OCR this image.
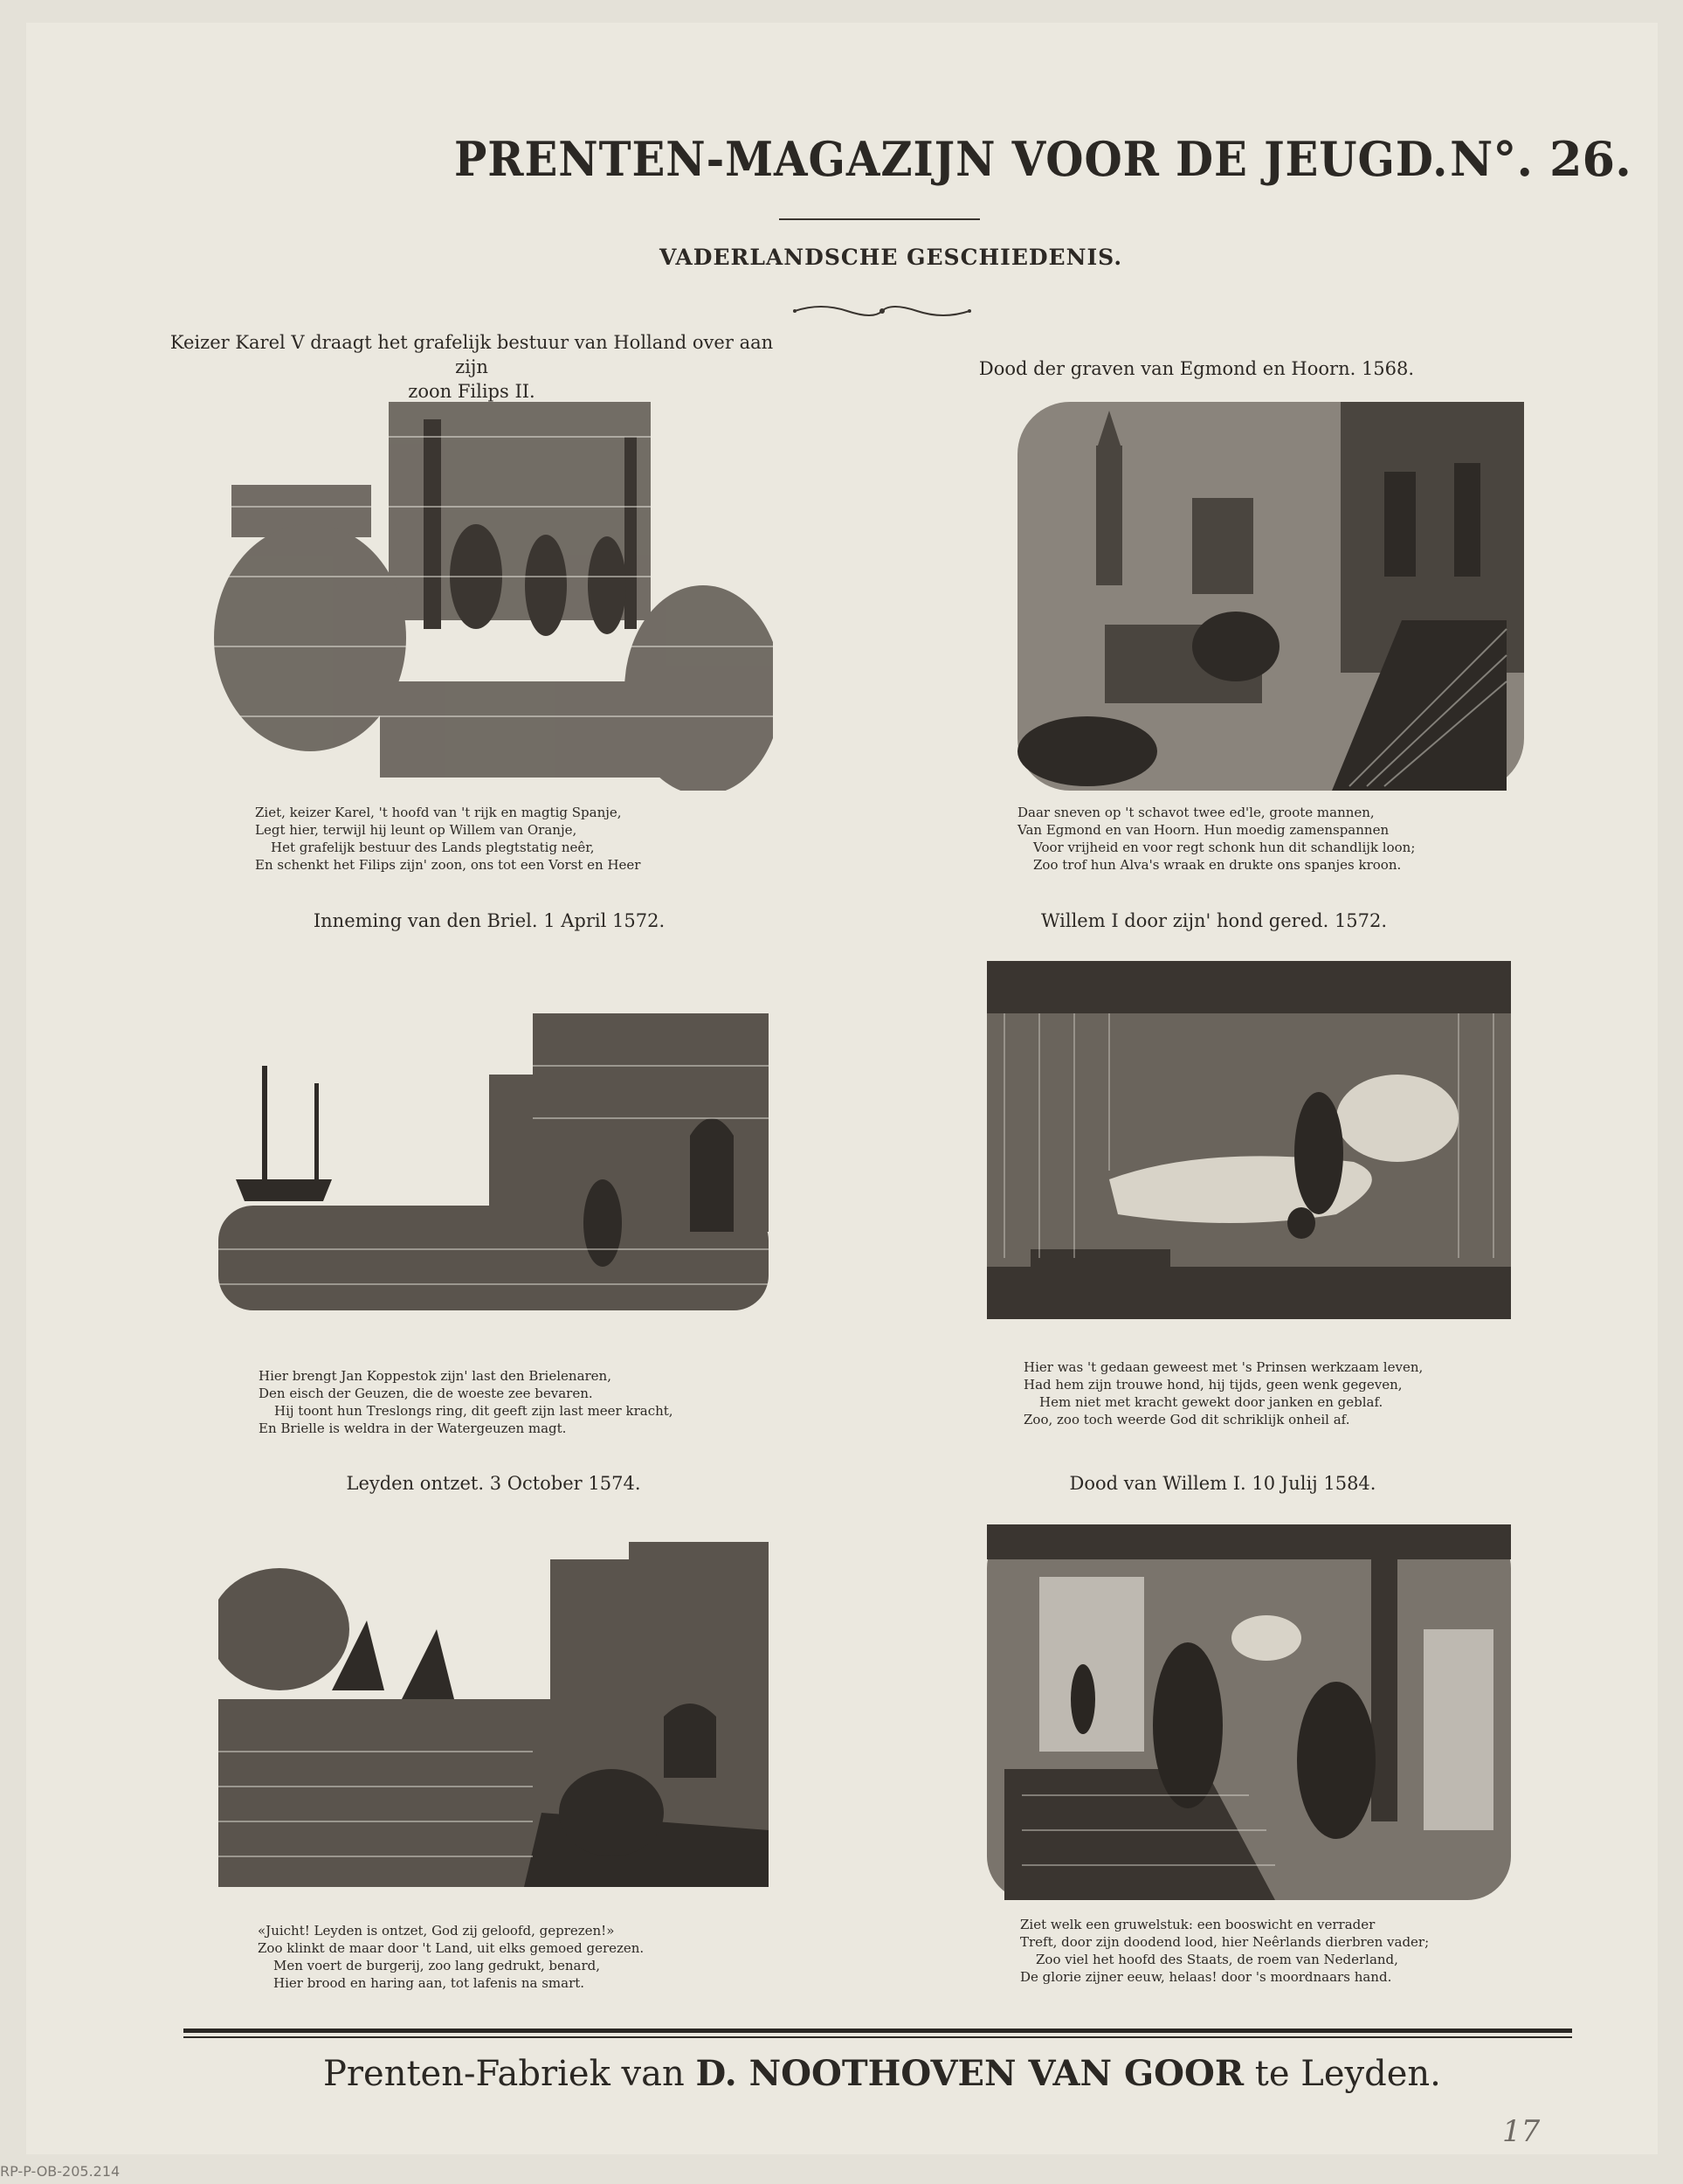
PRENTEN-MAGAZIJN VOOR DE JEUGD. N°. 26.
VADERLANDSCHE GESCHIEDENIS.
Keizer Karel V draagt het grafelijk bestuur van Holland over aan zijn
zoon Filips II.
Ziet, keizer Karel, 't hoofd van 't rijk en magtig Spanje,
Legt hier, terwijl hij leunt op Willem van Oranje,
Het grafelijk bestuur des Lands plegtstatig neêr,
En schenkt het Filips zijn' zoon, ons tot een Vorst en Heer
Dood der graven van Egmond en Hoorn. 1568.
Daar sneven op 't schavot twee ed'le, groote mannen,
Van Egmond en van Hoorn. Hun moedig zamenspannen
Voor vrijheid en voor regt schonk hun dit schandlijk loon;
Zoo trof hun Alva's wraak en drukte ons spanjes kroon.
Inneming van den Briel. 1 April 1572.
Hier brengt Jan Koppestok zijn' last den Brielenaren,
Den eisch der Geuzen, die de woeste zee bevaren.
Hij toont hun Treslongs ring, dit geeft zijn last meer kracht,
En Brielle is weldra in der Watergeuzen magt.
Willem I door zijn' hond gered. 1572.
Hier was 't gedaan geweest met 's Prinsen werkzaam leven,
Had hem zijn trouwe hond, hij tijds, geen wenk gegeven,
Hem niet met kracht gewekt door janken en geblaf.
Zoo, zoo toch weerde God dit schriklijk onheil af.
Leyden ontzet. 3 October 1574.
«Juicht! Leyden is ontzet, God zij geloofd, geprezen!»
Zoo klinkt de maar door 't Land, uit elks gemoed gerezen.
Men voert de burgerij, zoo lang gedrukt, benard,
Hier brood en haring aan, tot lafenis na smart.
Dood van Willem I. 10 Julij 1584.
Ziet welk een gruwelstuk: een booswicht en verrader
Treft, door zijn doodend lood, hier Neêrlands dierbren vader;
Zoo viel het hoofd des Staats, de roem van Nederland,
De glorie zijner eeuw, helaas! door 's moordnaars hand.
Prenten-Fabriek van D. NOOTHOVEN VAN GOOR te Leyden.
17
RP-P-OB-205.214
